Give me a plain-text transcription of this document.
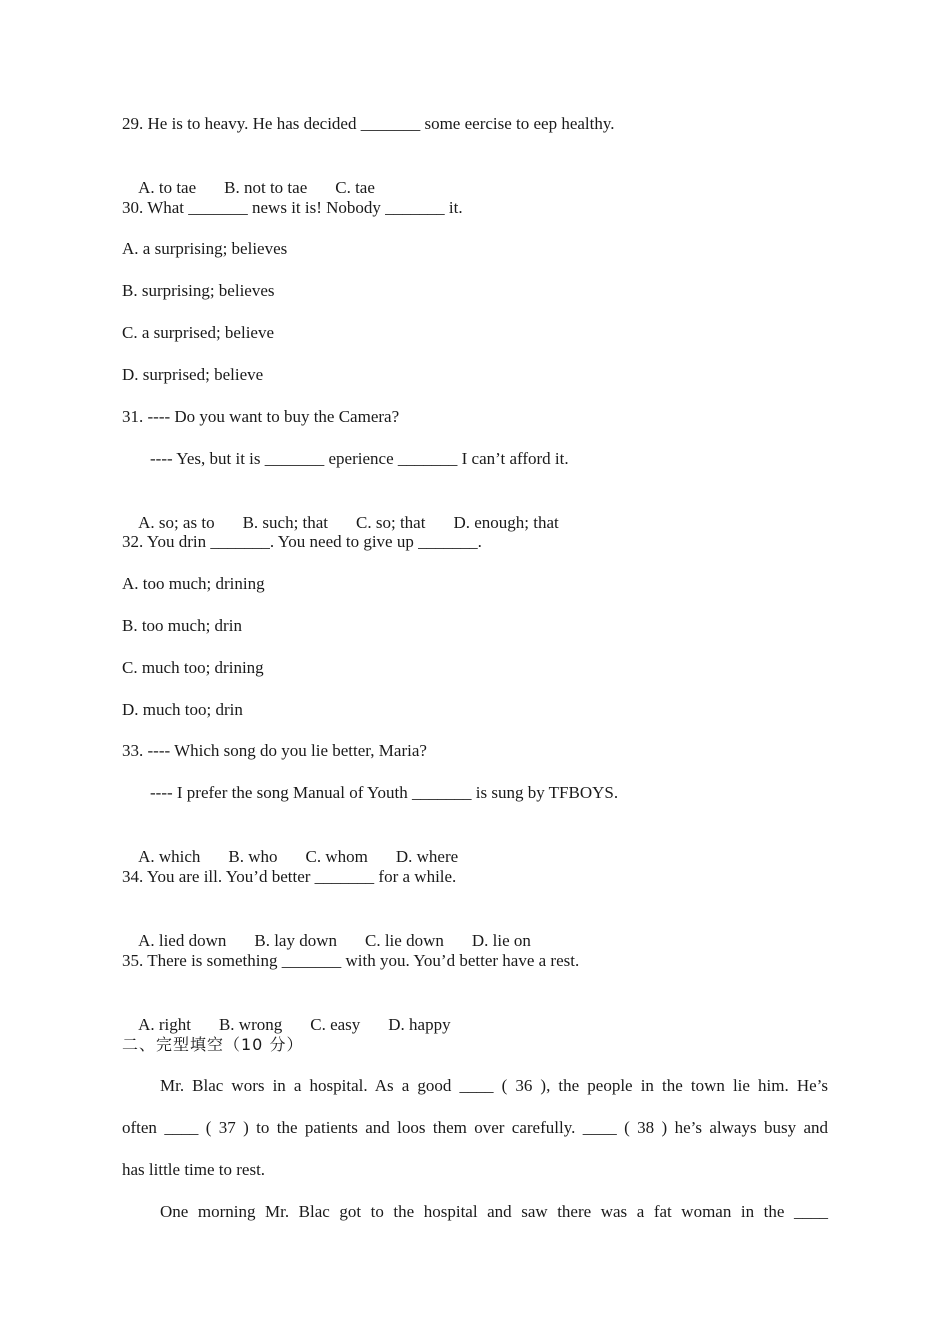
29. He is to heavy. He has decided _______ some eercise to eep healthy.

A. to tae B. not to tae C. tae

30. What _______ news it is! Nobody _______ it.
A. a surprising; believes
B. surprising; believes
C. a surprised; believe
D. surprised; believe
31. ---- Do you want to buy the Camera?
---- Yes, but it is _______ eperience _______ I can’t afford it.

A. so; as to B. such; that C. so; that D. enough; that

32. You drin _______. You need to give up _______.
A. too much; drining
B. too much; drin
C. much too; drining
D. much too; drin
33. ---- Which song do you lie better, Maria?
---- I prefer the song Manual of Youth _______ is sung by TFBOYS.

A. which B. who C. whom D. where

34. You are ill. You’d better _______ for a while.

A. lied down B. lay down C. lie down D. lie on

35. There is something _______ with you. You’d better have a rest.

A. right B. wrong C. easy D. happy

二、完型填空（10 分）
Mr. Blac wors in a hospital. As a good ____ ( 36 ), the people in the town lie him. He’s
often ____ ( 37 ) to the patients and loos them over carefully. ____ ( 38 ) he’s always busy and
has little time to rest.
One morning Mr. Blac got to the hospital and saw there was a fat woman in the ____
